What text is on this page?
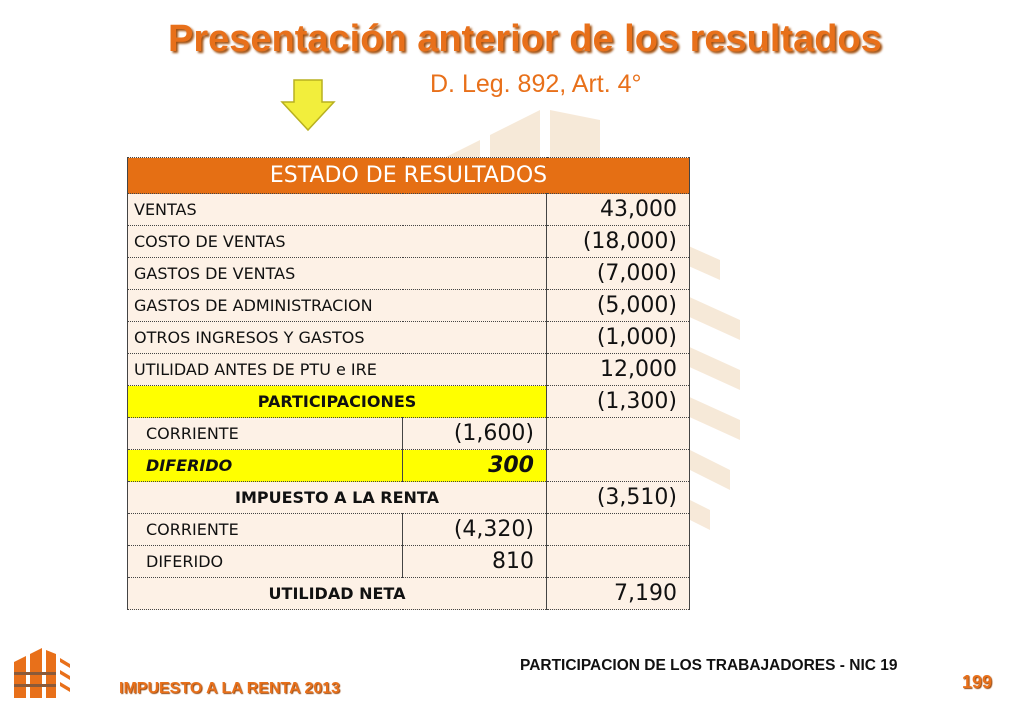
Presentación anterior de los resultados
D. Leg. 892, Art. 4°
ESTADO DE RESULTADOS		
VENTAS		43,000
COSTO DE VENTAS		(18,000)
GASTOS DE VENTAS		(7,000)
GASTOS DE ADMINISTRACION		(5,000)
OTROS INGRESOS Y GASTOS		(1,000)
UTILIDAD ANTES DE PTU e IRE		12,000
PARTICIPACIONES		(1,300)
CORRIENTE	(1,600)	
DIFERIDO	300	
IMPUESTO A LA RENTA		(3,510)
CORRIENTE	(4,320)	
DIFERIDO	810	
UTILIDAD NETA		7,190
IMPUESTO A LA RENTA 2013
PARTICIPACION DE LOS TRABAJADORES - NIC 19
199
